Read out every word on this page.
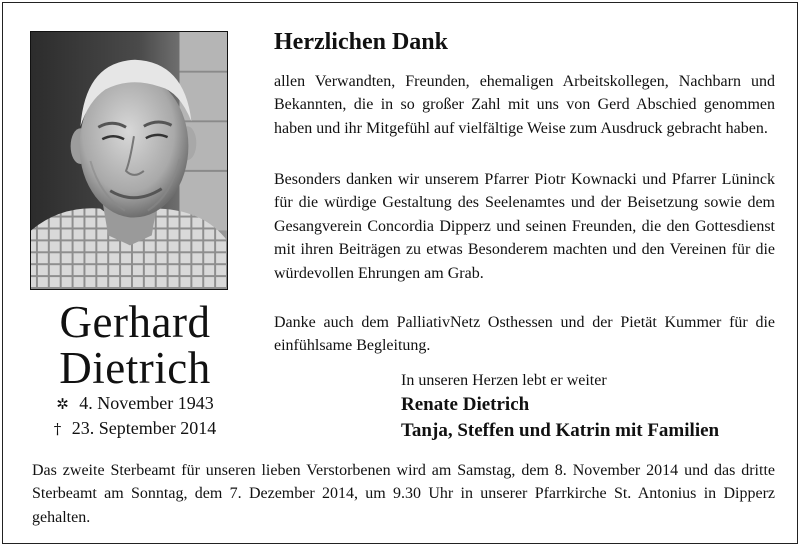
Gerhard
Dietrich
✲ 4. November 1943
† 23. September 2014
Herzlichen Dank

allen Verwandten, Freunden, ehemaligen Arbeitskollegen, Nachbarn und Bekannten, die in so großer Zahl mit uns von Gerd Abschied genommen haben und ihr Mitgefühl auf vielfältige Weise zum Ausdruck gebracht haben.

Besonders danken wir unserem Pfarrer Piotr Kownacki und Pfarrer Lüninck für die würdige Gestaltung des Seelenamtes und der Beisetzung sowie dem Gesangverein Concordia Dipperz und seinen Freunden, die den Gottesdienst mit ihren Beiträgen zu etwas Besonderem machten und den Vereinen für die würdevollen Ehrungen am Grab.

Danke auch dem PalliativNetz Osthessen und der Pietät Kummer für die einfühlsame Begleitung.

In unseren Herzen lebt er weiter
Renate Dietrich
Tanja, Steffen und Katrin mit Familien

Das zweite Sterbeamt für unseren lieben Verstorbenen wird am Samstag, dem 8. November 2014 und das dritte Sterbeamt am Sonntag, dem 7. Dezember 2014, um 9.30 Uhr in unserer Pfarrkirche St. Antonius in Dipperz gehalten.
